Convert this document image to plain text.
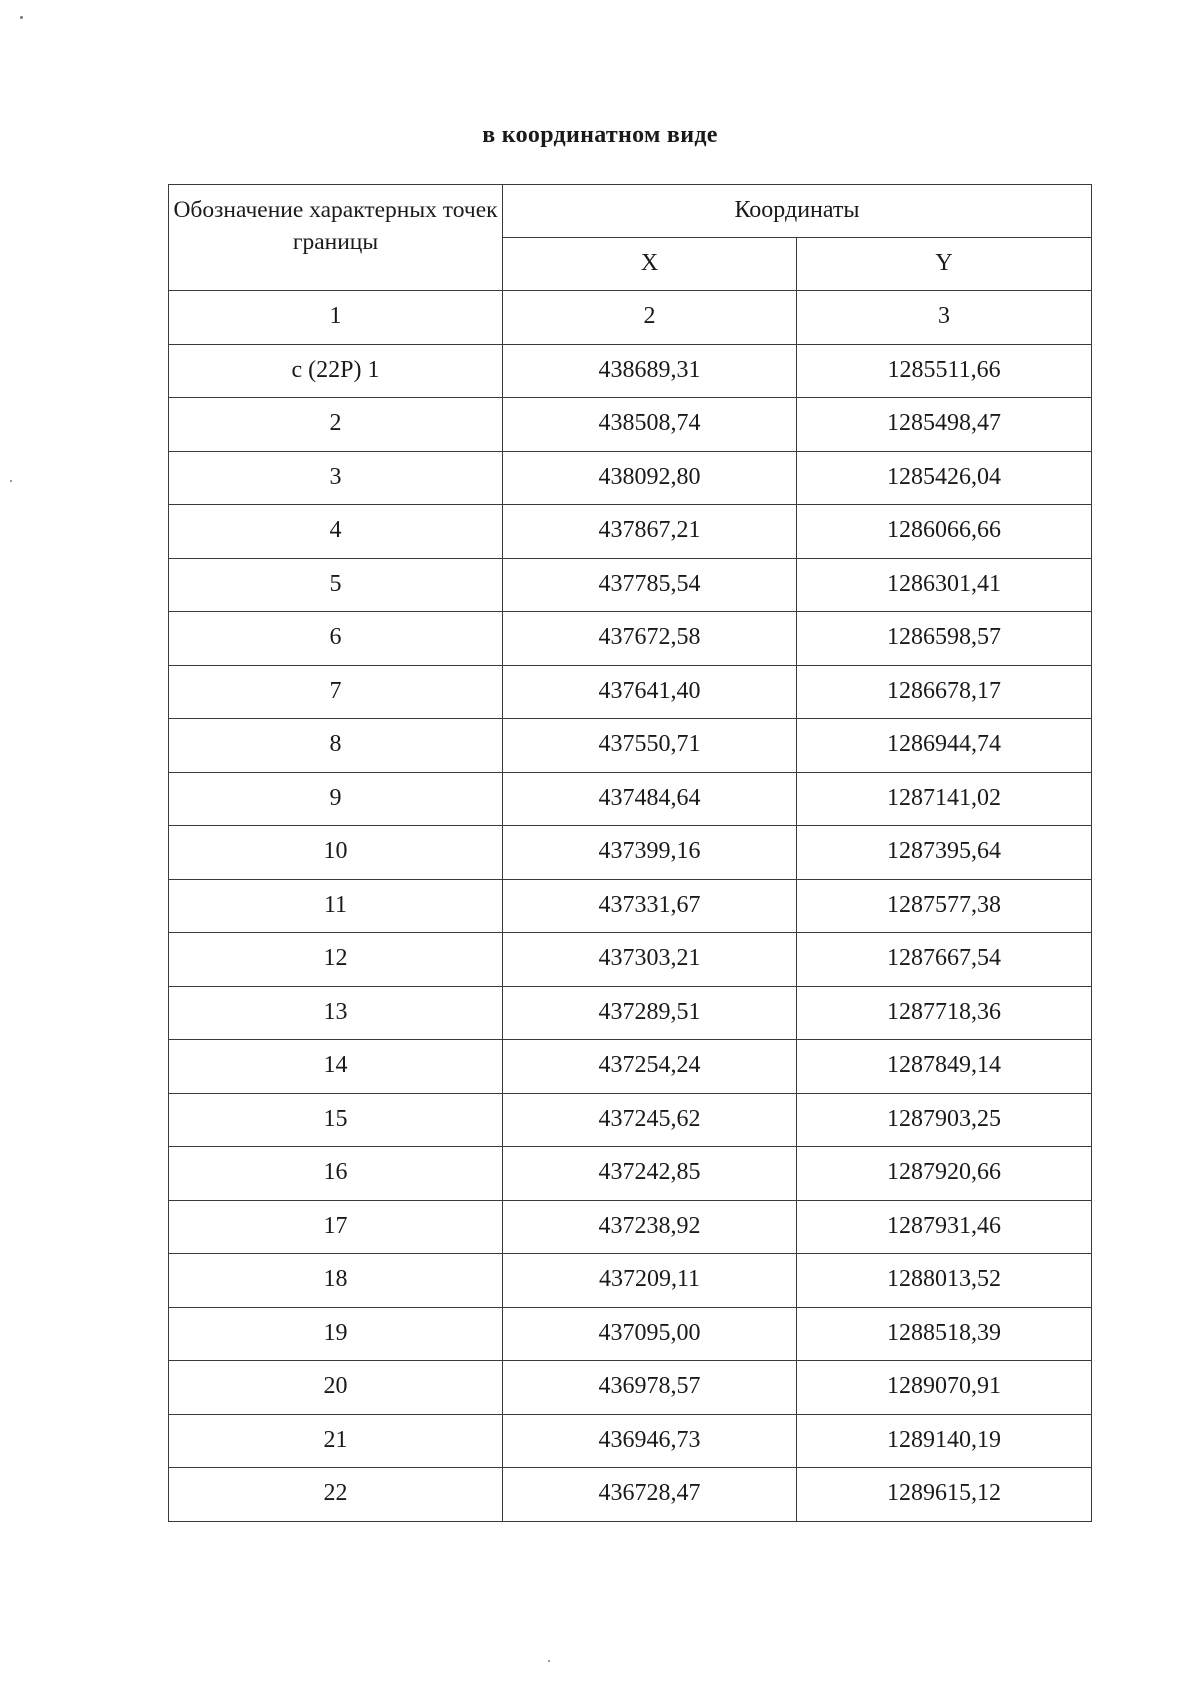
в координатном виде
Обозначение характерных точек границы	Координаты	
	X	Y
1	2	3
с (22Р) 1	438689,31	1285511,66
2	438508,74	1285498,47
3	438092,80	1285426,04
4	437867,21	1286066,66
5	437785,54	1286301,41
6	437672,58	1286598,57
7	437641,40	1286678,17
8	437550,71	1286944,74
9	437484,64	1287141,02
10	437399,16	1287395,64
11	437331,67	1287577,38
12	437303,21	1287667,54
13	437289,51	1287718,36
14	437254,24	1287849,14
15	437245,62	1287903,25
16	437242,85	1287920,66
17	437238,92	1287931,46
18	437209,11	1288013,52
19	437095,00	1288518,39
20	436978,57	1289070,91
21	436946,73	1289140,19
22	436728,47	1289615,12
